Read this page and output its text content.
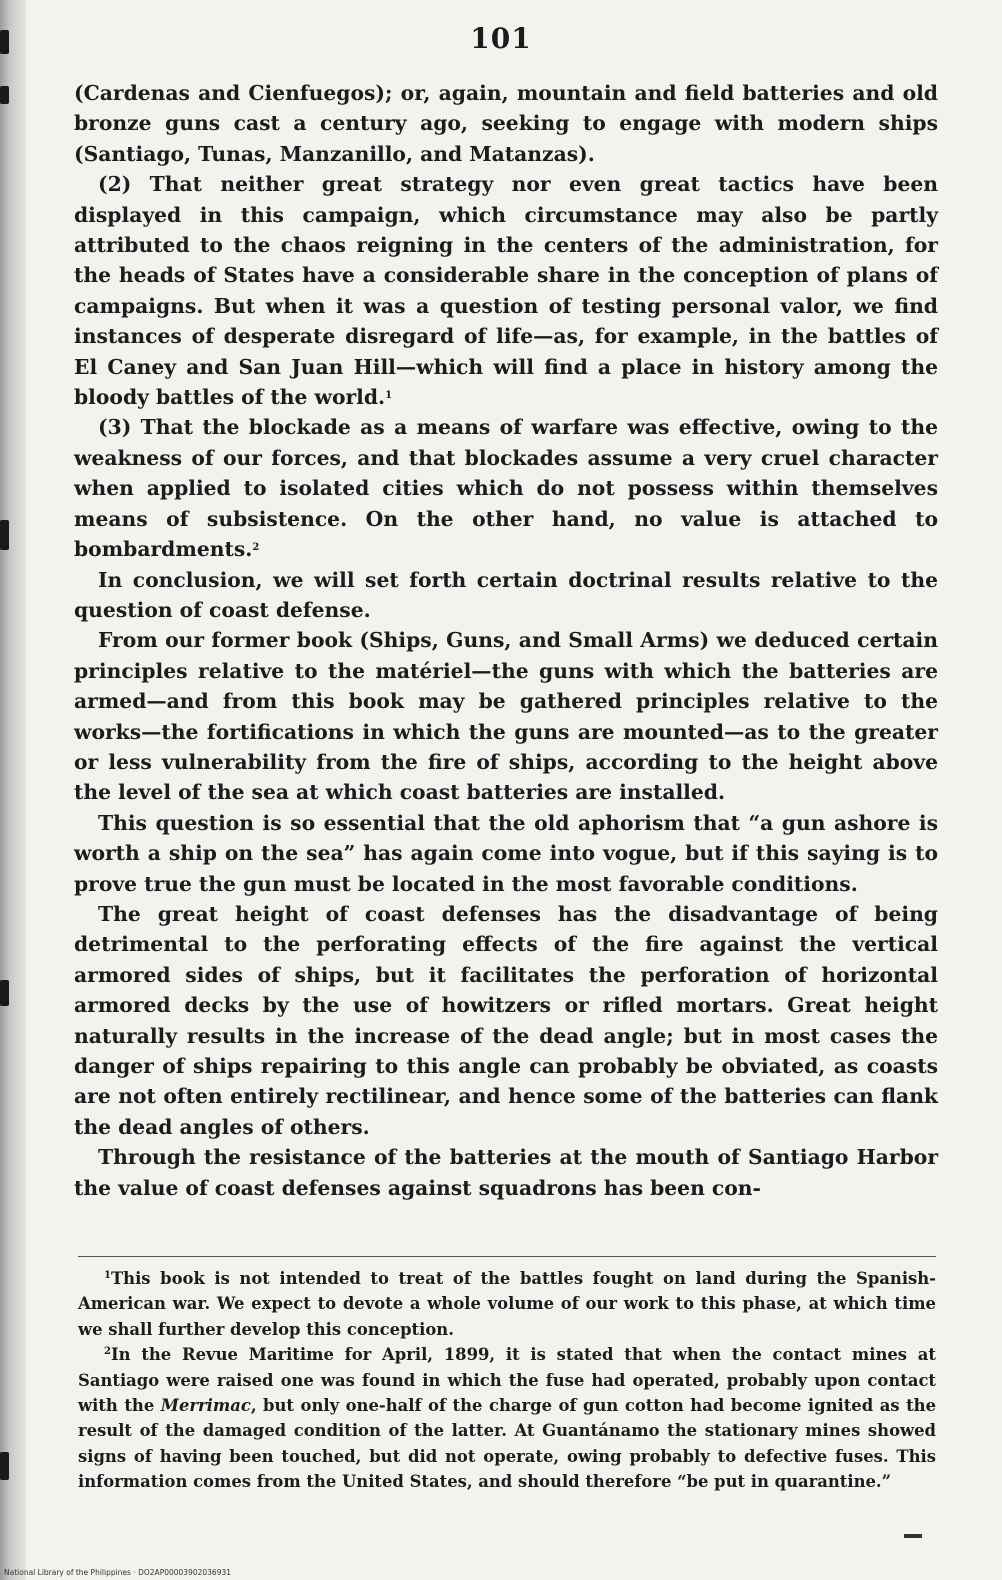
101

(Cardenas and Cienfuegos); or, again, mountain and field batteries and old bronze guns cast a century ago, seeking to engage with modern ships (Santiago, Tunas, Manzanillo, and Matanzas).

(2) That neither great strategy nor even great tactics have been displayed in this campaign, which circumstance may also be partly attributed to the chaos reigning in the centers of the administration, for the heads of States have a considerable share in the conception of plans of campaigns. But when it was a question of testing personal valor, we find instances of desperate disregard of life—as, for example, in the battles of El Caney and San Juan Hill—which will find a place in history among the bloody battles of the world.$^1$

(3) That the blockade as a means of warfare was effective, owing to the weakness of our forces, and that blockades assume a very cruel character when applied to isolated cities which do not possess within themselves means of subsistence. On the other hand, no value is attached to bombardments.$^2$

In conclusion, we will set forth certain doctrinal results relative to the question of coast defense.

From our former book (Ships, Guns, and Small Arms) we deduced certain principles relative to the matériel—the guns with which the batteries are armed—and from this book may be gathered principles relative to the works—the fortifications in which the guns are mounted—as to the greater or less vulnerability from the fire of ships, according to the height above the level of the sea at which coast batteries are installed.

This question is so essential that the old aphorism that “a gun ashore is worth a ship on the sea” has again come into vogue, but if this saying is to prove true the gun must be located in the most favorable conditions.

The great height of coast defenses has the disadvantage of being detrimental to the perforating effects of the fire against the vertical armored sides of ships, but it facilitates the perforation of horizontal armored decks by the use of howitzers or rifled mortars. Great height naturally results in the increase of the dead angle; but in most cases the danger of ships repairing to this angle can probably be obviated, as coasts are not often entirely rectilinear, and hence some of the batteries can flank the dead angles of others.

Through the resistance of the batteries at the mouth of Santiago Harbor the value of coast defenses against squadrons has been con-

$^1$This book is not intended to treat of the battles fought on land during the Spanish-American war. We expect to devote a whole volume of our work to this phase, at which time we shall further develop this conception.

$^2$In the Revue Maritime for April, 1899, it is stated that when the contact mines at Santiago were raised one was found in which the fuse had operated, probably upon contact with the Merrimac, but only one-half of the charge of gun cotton had become ignited as the result of the damaged condition of the latter. At Guantánamo the stationary mines showed signs of having been touched, but did not operate, owing probably to defective fuses. This information comes from the United States, and should therefore “be put in quarantine.”

National Library of the Philippines · DO2AP00003902036931
